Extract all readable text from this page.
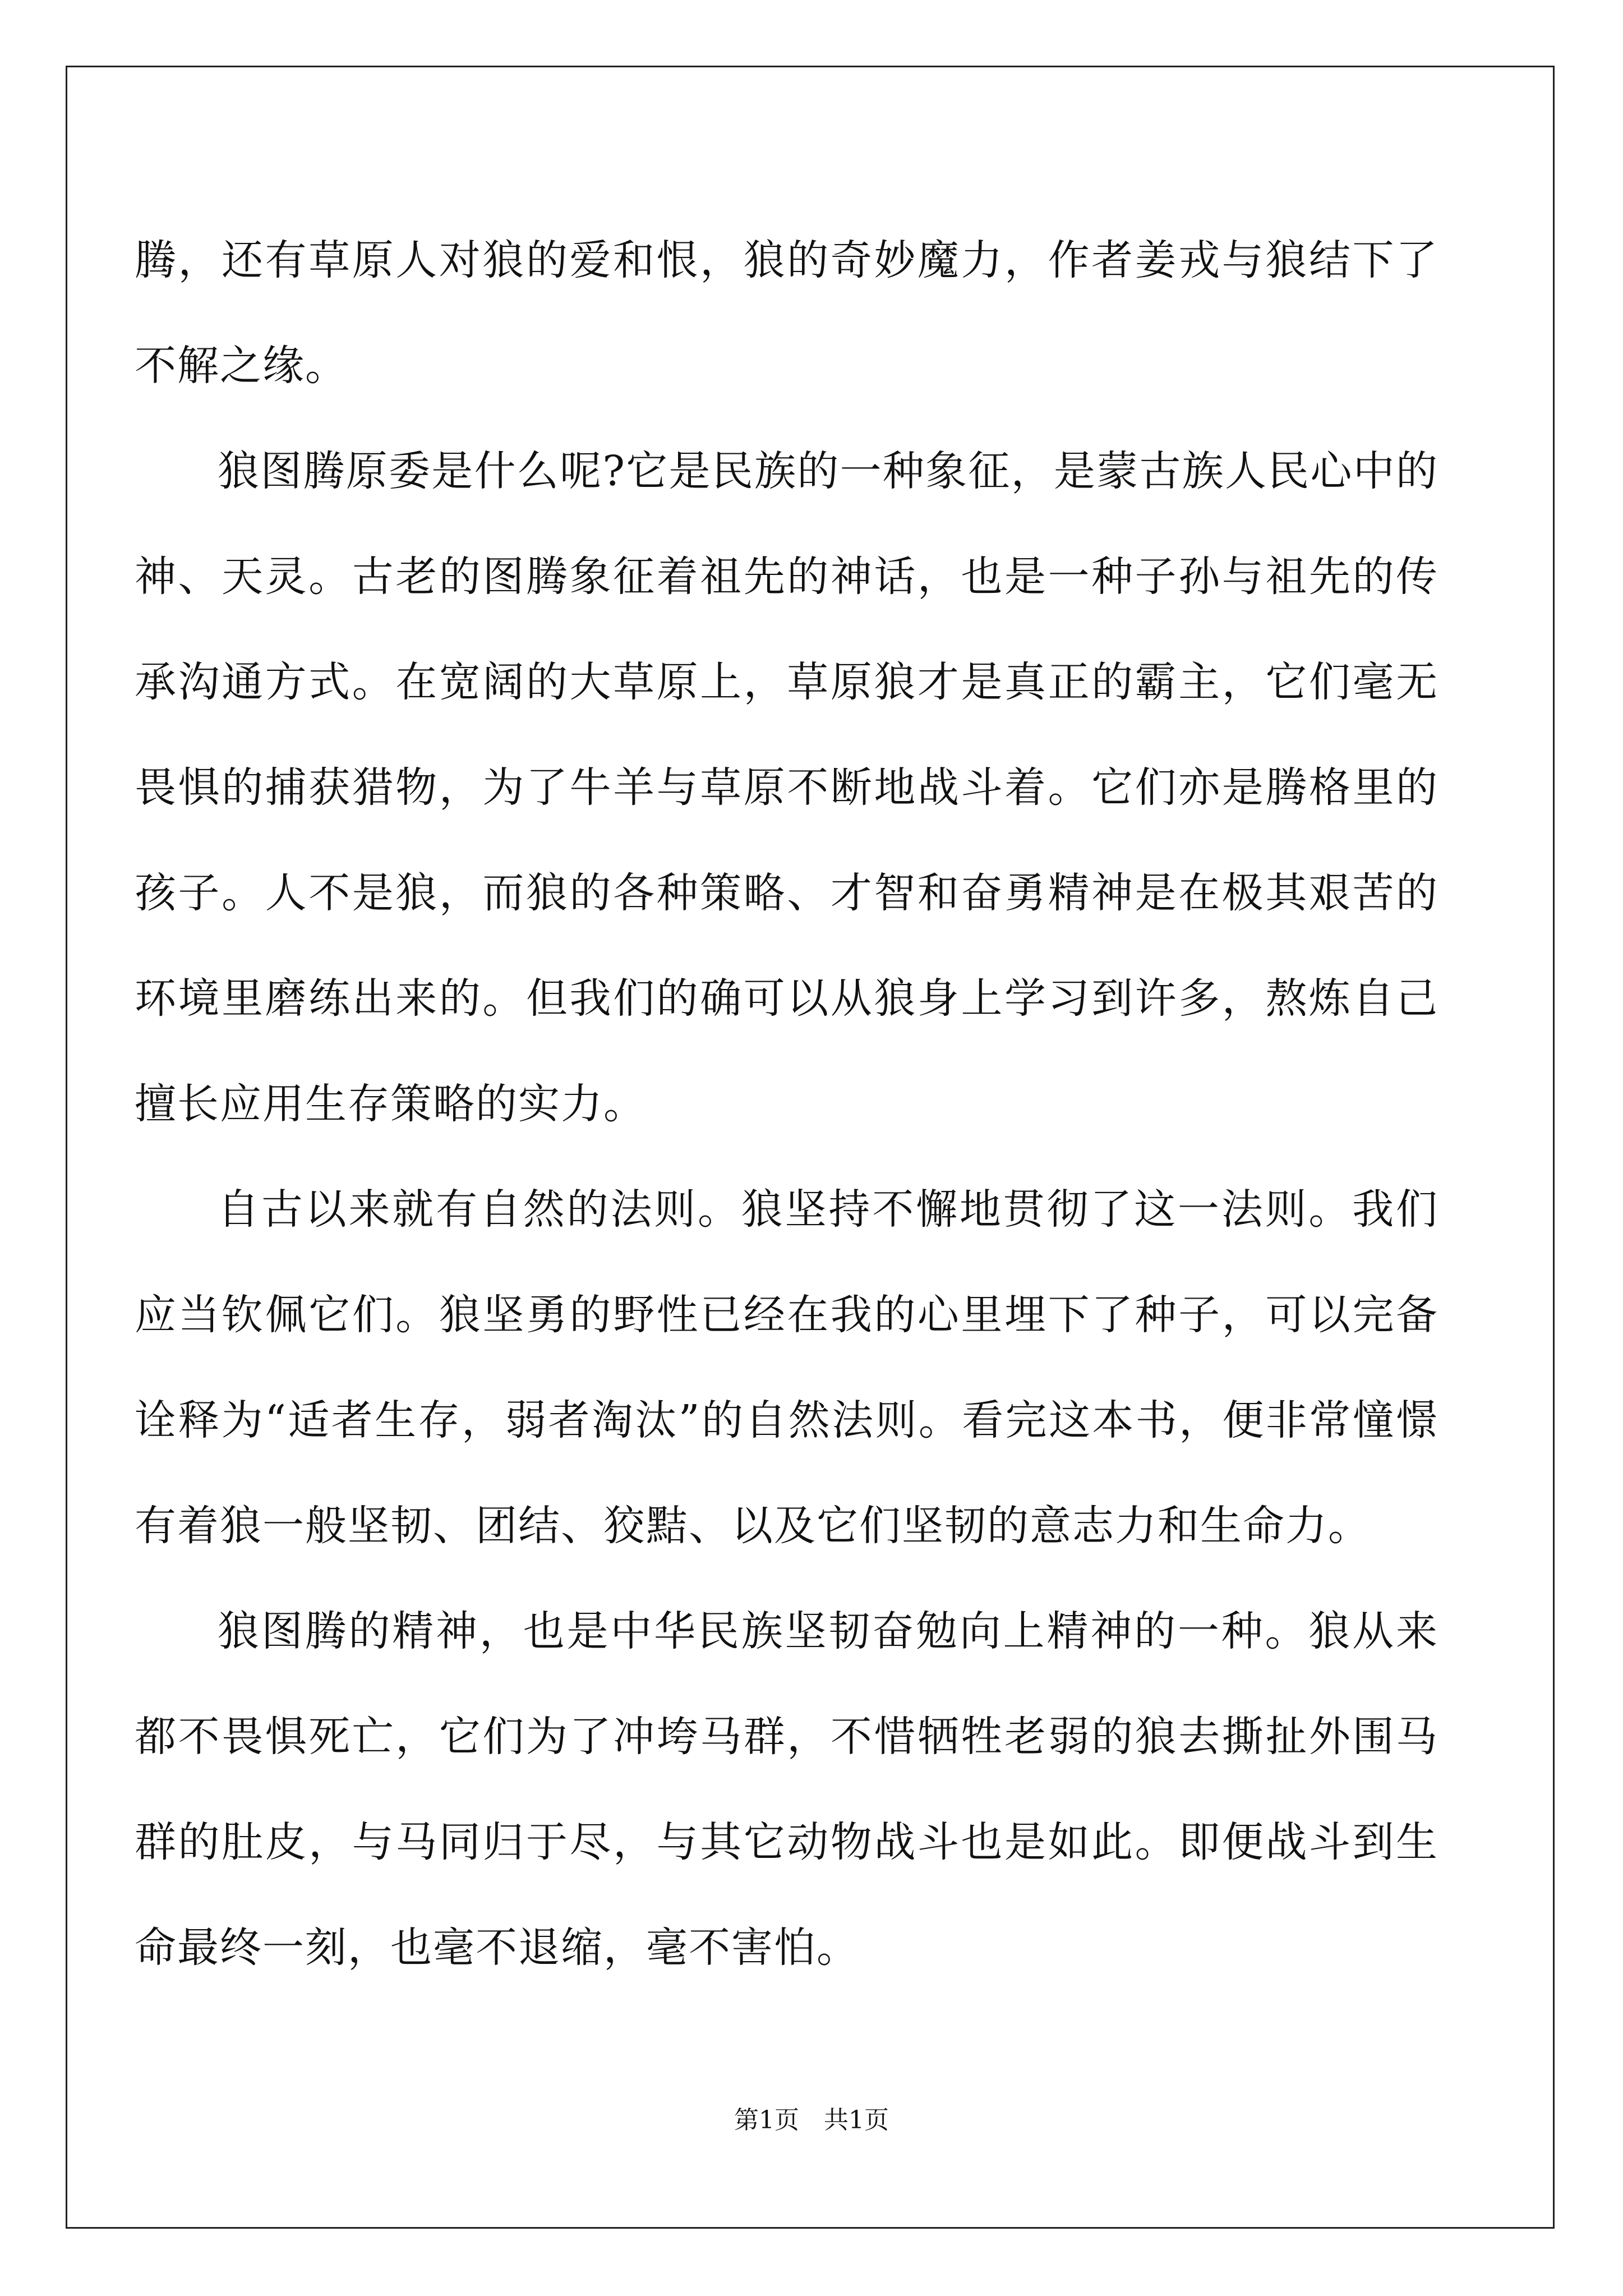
腾，还有草原人对狼的爱和恨，狼的奇妙魔力，作者姜戎与狼结下了不解之缘。

狼图腾原委是什么呢?它是民族的一种象征，是蒙古族人民心中的神、天灵。古老的图腾象征着祖先的神话，也是一种子孙与祖先的传承沟通方式。在宽阔的大草原上，草原狼才是真正的霸主，它们毫无畏惧的捕获猎物，为了牛羊与草原不断地战斗着。它们亦是腾格里的孩子。人不是狼，而狼的各种策略、才智和奋勇精神是在极其艰苦的环境里磨练出来的。但我们的确可以从狼身上学习到许多，熬炼自己擅长应用生存策略的实力。

自古以来就有自然的法则。狼坚持不懈地贯彻了这一法则。我们应当钦佩它们。狼坚勇的野性已经在我的心里埋下了种子，可以完备诠释为“适者生存，弱者淘汰”的自然法则。看完这本书，便非常憧憬有着狼一般坚韧、团结、狡黠、以及它们坚韧的意志力和生命力。

狼图腾的精神，也是中华民族坚韧奋勉向上精神的一种。狼从来都不畏惧死亡，它们为了冲垮马群，不惜牺牲老弱的狼去撕扯外围马群的肚皮，与马同归于尽，与其它动物战斗也是如此。即便战斗到生命最终一刻，也毫不退缩，毫不害怕。

第1页　共1页
